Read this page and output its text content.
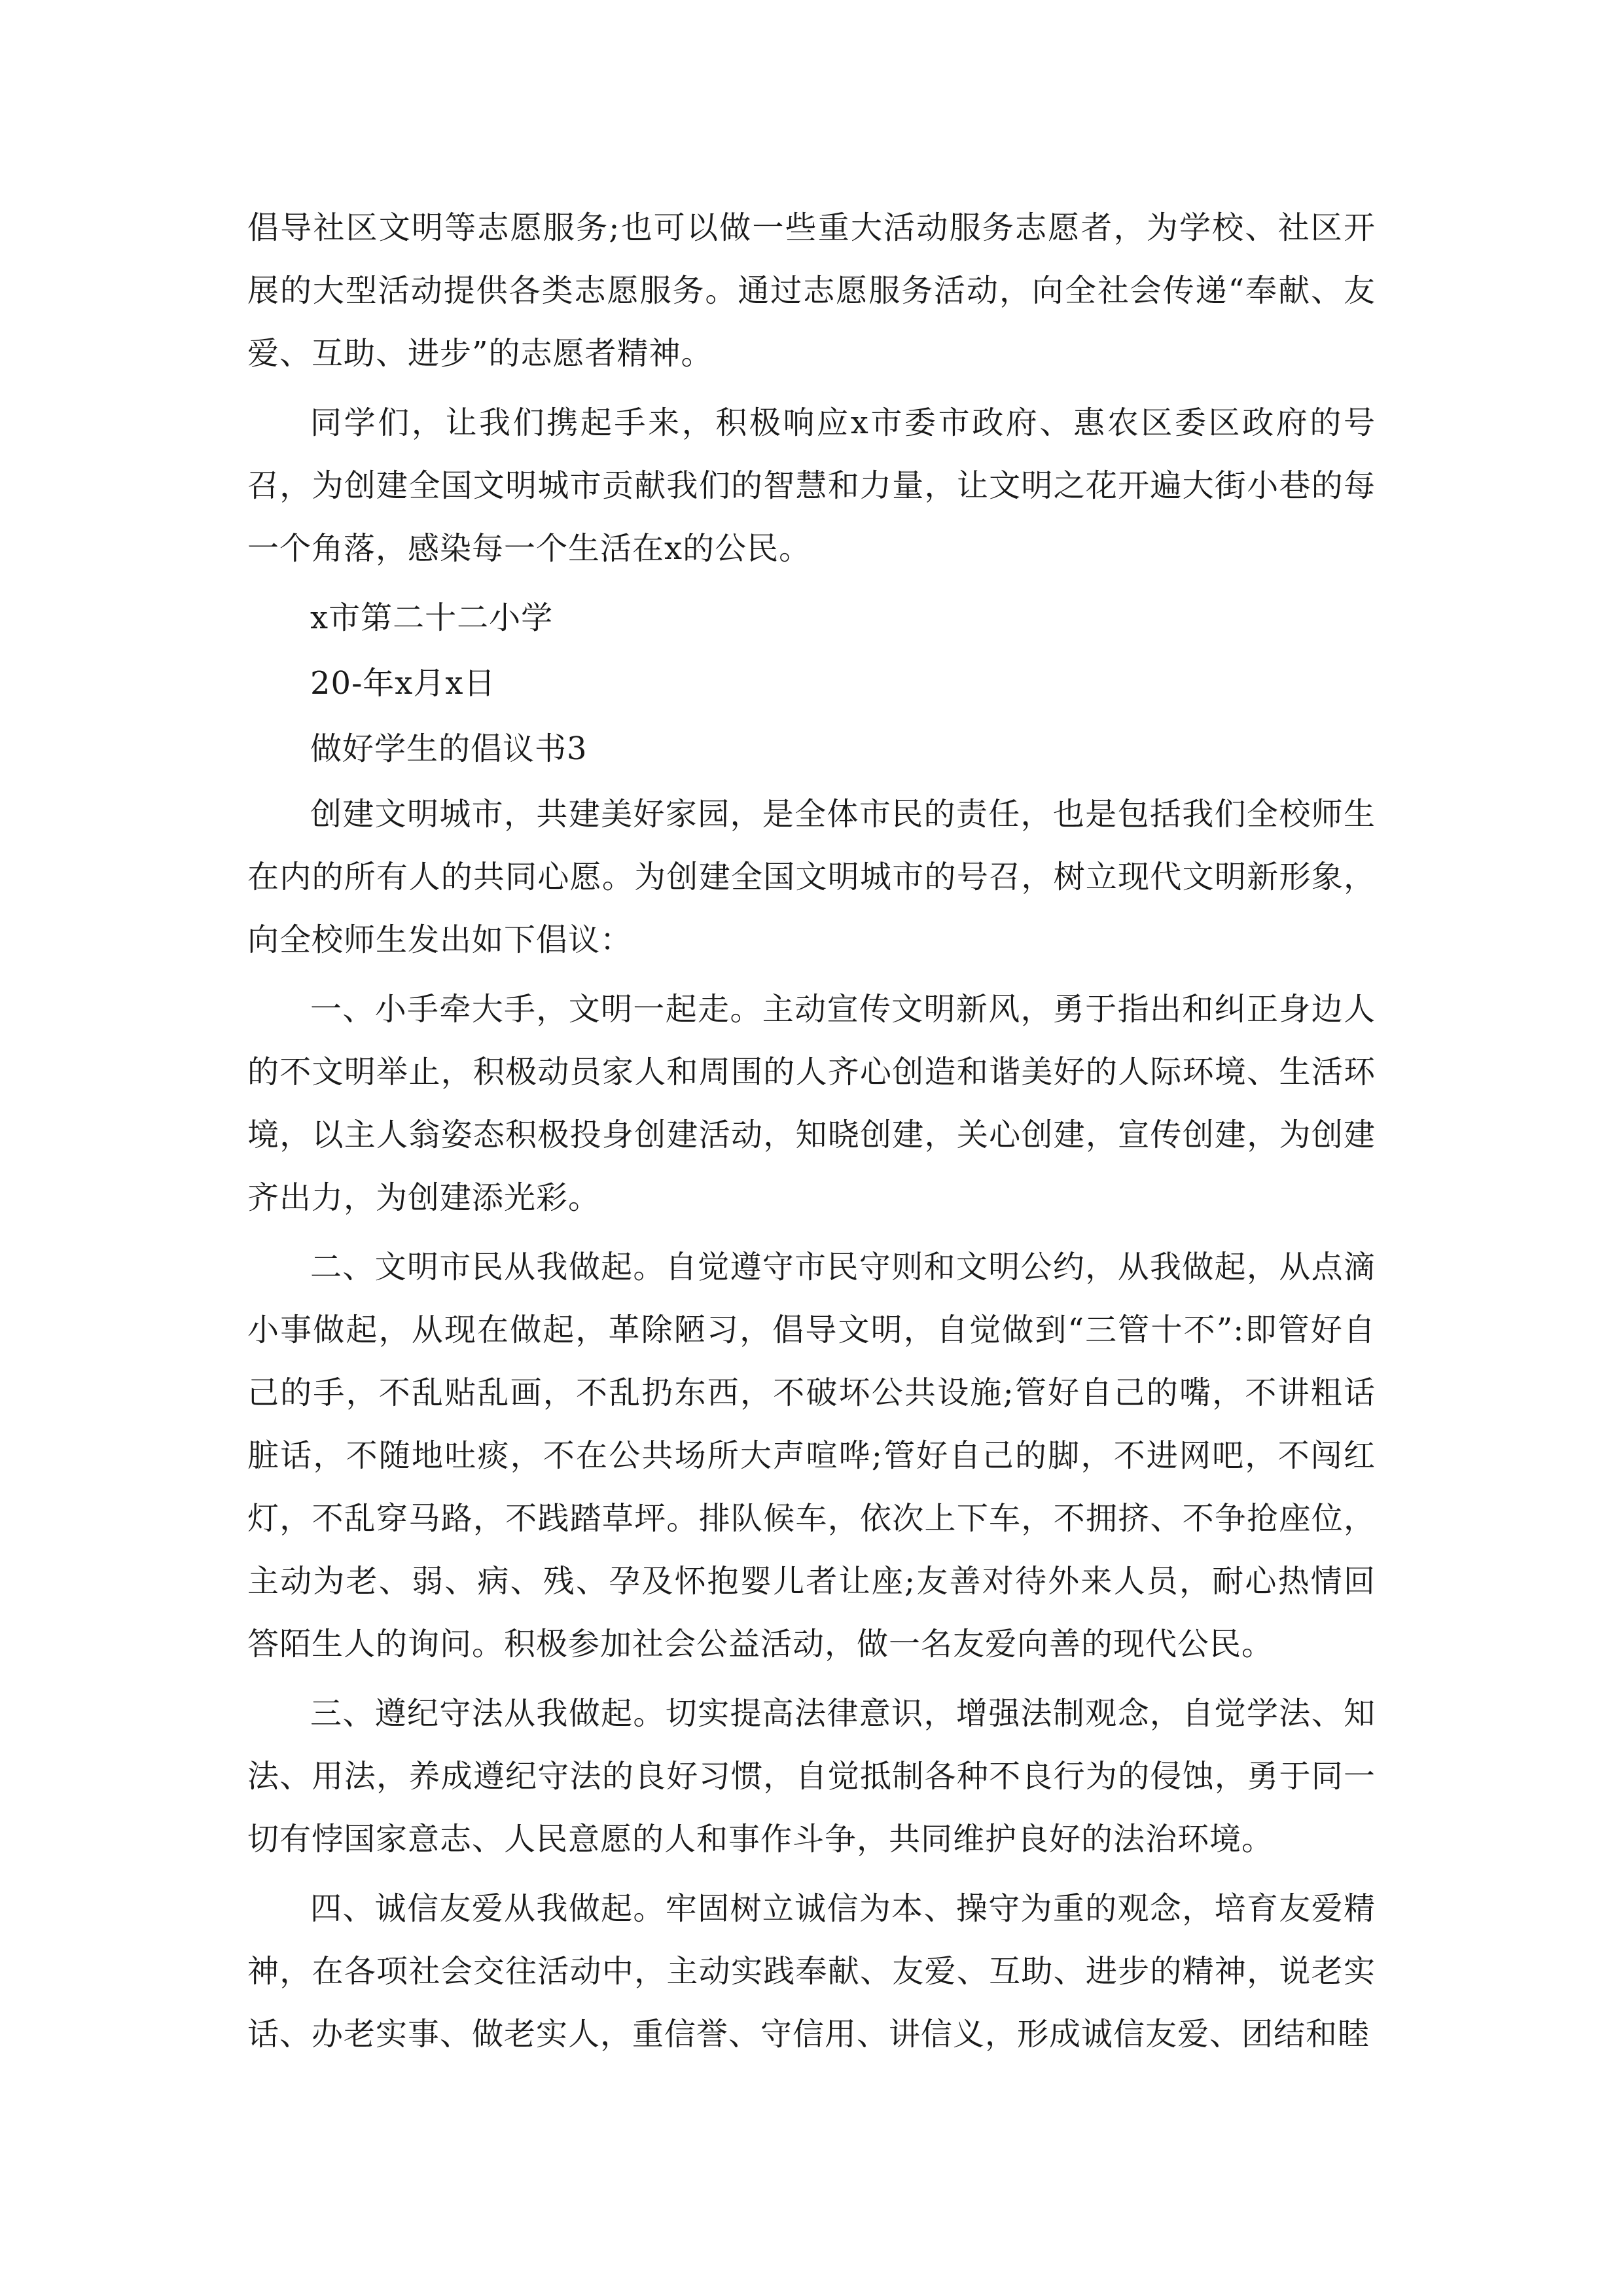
倡导社区文明等志愿服务;也可以做一些重大活动服务志愿者，为学校、社区开展的大型活动提供各类志愿服务。通过志愿服务活动，向全社会传递“奉献、友爱、互助、进步”的志愿者精神。

同学们，让我们携起手来，积极响应x市委市政府、惠农区委区政府的号召，为创建全国文明城市贡献我们的智慧和力量，让文明之花开遍大街小巷的每一个角落，感染每一个生活在x的公民。

x市第二十二小学

20-年x月x日

做好学生的倡议书3

创建文明城市，共建美好家园，是全体市民的责任，也是包括我们全校师生在内的所有人的共同心愿。为创建全国文明城市的号召，树立现代文明新形象，向全校师生发出如下倡议：

一、小手牵大手，文明一起走。主动宣传文明新风，勇于指出和纠正身边人的不文明举止，积极动员家人和周围的人齐心创造和谐美好的人际环境、生活环境，以主人翁姿态积极投身创建活动，知晓创建，关心创建，宣传创建，为创建齐出力，为创建添光彩。

二、文明市民从我做起。自觉遵守市民守则和文明公约，从我做起，从点滴小事做起，从现在做起，革除陋习，倡导文明，自觉做到“三管十不”:即管好自己的手，不乱贴乱画，不乱扔东西，不破坏公共设施;管好自己的嘴，不讲粗话脏话，不随地吐痰，不在公共场所大声喧哗;管好自己的脚，不进网吧，不闯红灯，不乱穿马路，不践踏草坪。排队候车，依次上下车，不拥挤、不争抢座位，主动为老、弱、病、残、孕及怀抱婴儿者让座;友善对待外来人员，耐心热情回答陌生人的询问。积极参加社会公益活动，做一名友爱向善的现代公民。

三、遵纪守法从我做起。切实提高法律意识，增强法制观念，自觉学法、知法、用法，养成遵纪守法的良好习惯，自觉抵制各种不良行为的侵蚀，勇于同一切有悖国家意志、人民意愿的人和事作斗争，共同维护良好的法治环境。

四、诚信友爱从我做起。牢固树立诚信为本、操守为重的观念，培育友爱精神，在各项社会交往活动中，主动实践奉献、友爱、互助、进步的精神，说老实话、办老实事、做老实人，重信誉、守信用、讲信义，形成诚信友爱、团结和睦
